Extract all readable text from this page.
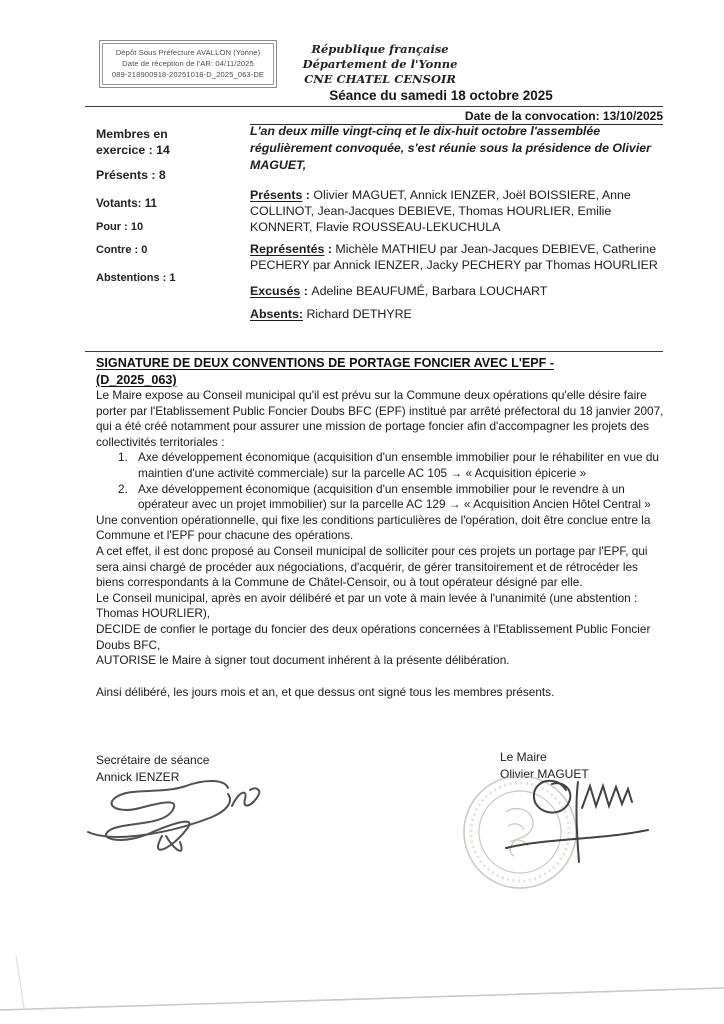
Dépôt Sous Préfecture AVALLON (Yonne)
Date de réception de l'AR: 04/11/2025
089-218900918-20251018-D_2025_063-DE
République française
Département de l'Yonne
CNE CHATEL CENSOIR
Séance du samedi 18 octobre 2025
Date de la convocation: 13/10/2025
Membres en exercice : 14
Présents : 8
Votants: 11
Pour : 10
Contre : 0
Abstentions : 1
L'an deux mille vingt-cinq et le dix-huit octobre l'assemblée régulièrement convoquée, s'est réunie sous la présidence de Olivier MAGUET,
Présents : Olivier MAGUET, Annick IENZER, Joël BOISSIERE, Anne COLLINOT, Jean-Jacques DEBIEVE, Thomas HOURLIER, Emilie KONNERT, Flavie ROUSSEAU-LEKUCHULA
Représentés : Michèle MATHIEU par Jean-Jacques DEBIEVE, Catherine PECHERY par Annick IENZER, Jacky PECHERY par Thomas HOURLIER
Excusés : Adeline BEAUFUMÉ, Barbara LOUCHART
Absents: Richard DETHYRE
SIGNATURE DE DEUX CONVENTIONS DE PORTAGE FONCIER AVEC L'EPF -
(D_2025_063)

Le Maire expose au Conseil municipal qu'il est prévu sur la Commune deux opérations qu'elle désire faire porter par l'Etablissement Public Foncier Doubs BFC (EPF) institué par arrêté préfectoral du 18 janvier 2007, qui a été créé notamment pour assurer une mission de portage foncier afin d'accompagner les projets des collectivités territoriales :

1. Axe développement économique (acquisition d'un ensemble immobilier pour le réhabiliter en vue du maintien d'une activité commerciale) sur la parcelle AC 105 → « Acquisition épicerie »
2. Axe développement économique (acquisition d'un ensemble immobilier pour le revendre à un opérateur avec un projet immobilier) sur la parcelle AC 129 → « Acquisition Ancien Hôtel Central »

Une convention opérationnelle, qui fixe les conditions particulières de l'opération, doit être conclue entre la Commune et l'EPF pour chacune des opérations.

A cet effet, il est donc proposé au Conseil municipal de solliciter pour ces projets un portage par l'EPF, qui sera ainsi chargé de procéder aux négociations, d'acquérir, de gérer transitoirement et de rétrocéder les biens correspondants à la Commune de Châtel-Censoir, ou à tout opérateur désigné par elle.

Le Conseil municipal, après en avoir délibéré et par un vote à main levée à l'unanimité (une abstention : Thomas HOURLIER),

DECIDE de confier le portage du foncier des deux opérations concernées à l'Etablissement Public Foncier Doubs BFC,

AUTORISE le Maire à signer tout document inhérent à la présente délibération.

Ainsi délibéré, les jours mois et an, et que dessus ont signé tous les membres présents.

Secrétaire de séance
Annick IENZER
Le Maire
Olivier MAGUET
